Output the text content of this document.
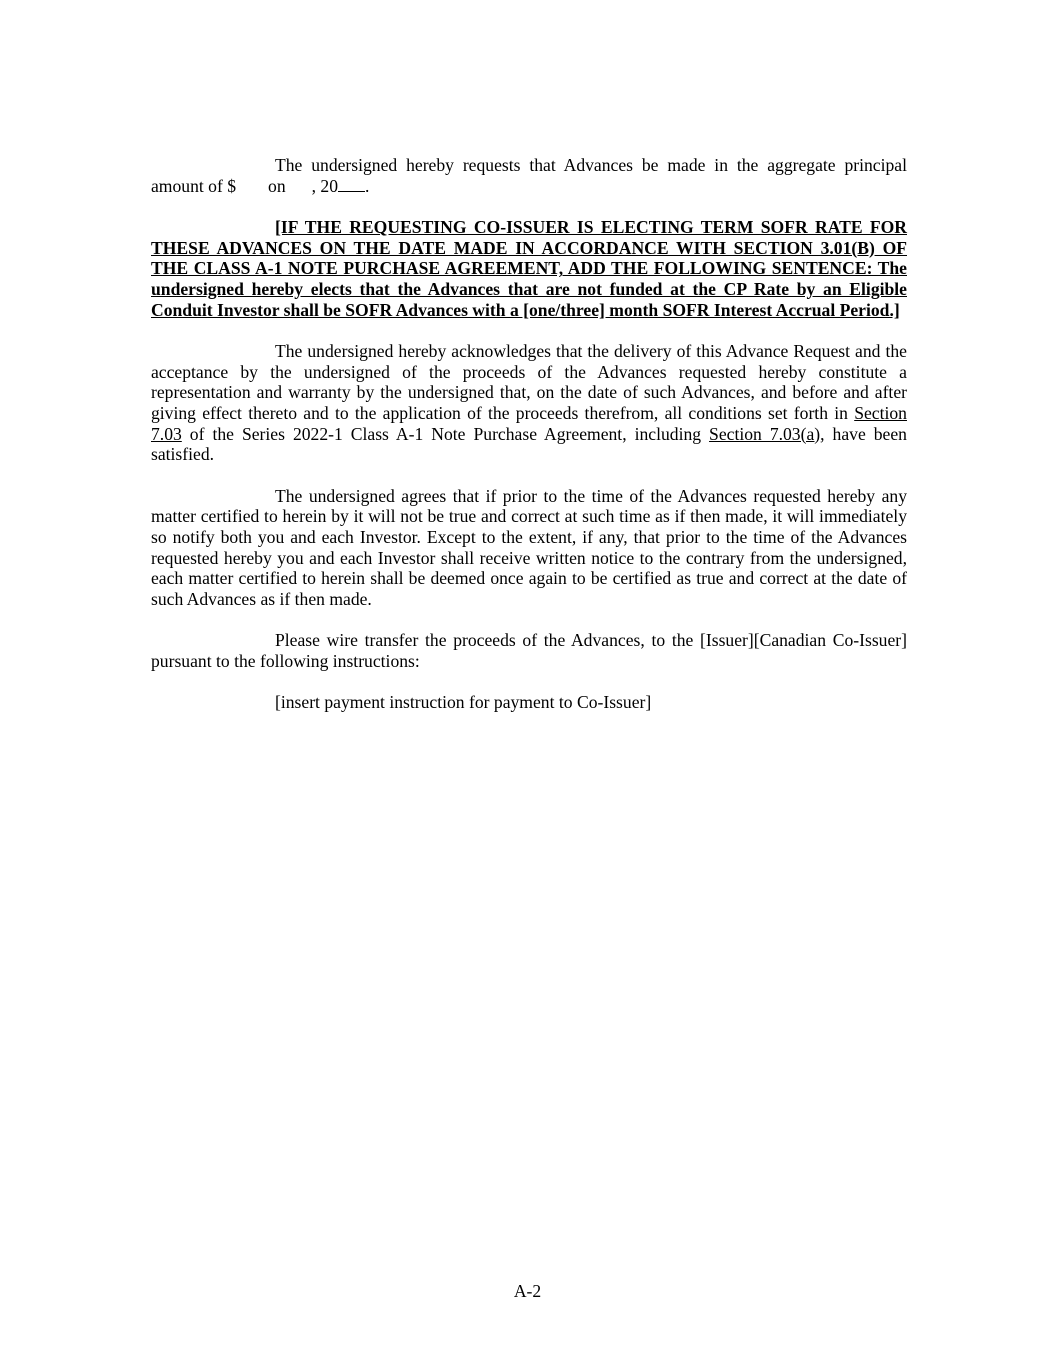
The undersigned hereby requests that Advances be made in the aggregate principal amount of $ on , 20 .

[IF THE REQUESTING CO-ISSUER IS ELECTING TERM SOFR RATE FOR THESE ADVANCES ON THE DATE MADE IN ACCORDANCE WITH SECTION 3.01(B) OF THE CLASS A-1 NOTE PURCHASE AGREEMENT, ADD THE FOLLOWING SENTENCE: The undersigned hereby elects that the Advances that are not funded at the CP Rate by an Eligible Conduit Investor shall be SOFR Advances with a [one/three] month SOFR Interest Accrual Period.]

The undersigned hereby acknowledges that the delivery of this Advance Request and the acceptance by the undersigned of the proceeds of the Advances requested hereby constitute a representation and warranty by the undersigned that, on the date of such Advances, and before and after giving effect thereto and to the application of the proceeds therefrom, all conditions set forth in Section 7.03 of the Series 2022-1 Class A-1 Note Purchase Agreement, including Section 7.03(a), have been satisfied.

The undersigned agrees that if prior to the time of the Advances requested hereby any matter certified to herein by it will not be true and correct at such time as if then made, it will immediately so notify both you and each Investor. Except to the extent, if any, that prior to the time of the Advances requested hereby you and each Investor shall receive written notice to the contrary from the undersigned, each matter certified to herein shall be deemed once again to be certified as true and correct at the date of such Advances as if then made.

Please wire transfer the proceeds of the Advances, to the [Issuer][Canadian Co-Issuer] pursuant to the following instructions:

[insert payment instruction for payment to Co-Issuer]

A-2
